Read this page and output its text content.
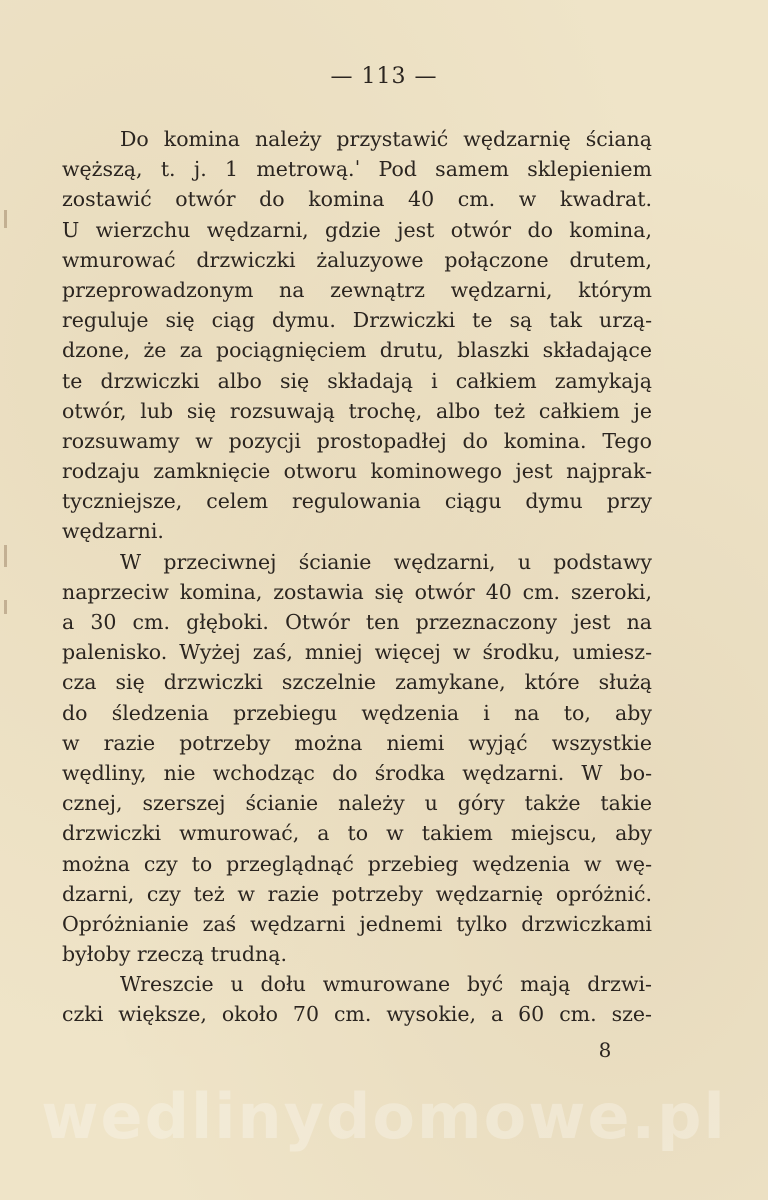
— 113 —
Do komina należy przystawić wędzarnię ścianą
węższą, t. j. 1 metrową.ˈ Pod samem sklepieniem
zostawić otwór do komina 40 cm. w kwadrat.
U wierzchu wędzarni, gdzie jest otwór do komina,
wmurować drzwiczki żaluzyowe połączone drutem,
przeprowadzonym na zewnątrz wędzarni, którym
reguluje się ciąg dymu. Drzwiczki te są tak urzą-
dzone, że za pociągnięciem drutu, blaszki składające
te drzwiczki albo się składają i całkiem zamykają
otwór, lub się rozsuwają trochę, albo też całkiem je
rozsuwamy w pozycji prostopadłej do komina. Tego
rodzaju zamknięcie otworu kominowego jest najprak-
tyczniejsze, celem regulowania ciągu dymu przy
wędzarni.
W przeciwnej ścianie wędzarni, u podstawy
naprzeciw komina, zostawia się otwór 40 cm. szeroki,
a 30 cm. głęboki. Otwór ten przeznaczony jest na
palenisko. Wyżej zaś, mniej więcej w środku, umiesz-
cza się drzwiczki szczelnie zamykane, które służą
do śledzenia przebiegu wędzenia i na to, aby
w razie potrzeby można niemi wyjąć wszystkie
wędliny, nie wchodząc do środka wędzarni. W bo-
cznej, szerszej ścianie należy u góry także takie
drzwiczki wmurować, a to w takiem miejscu, aby
można czy to przeglądnąć przebieg wędzenia w wę-
dzarni, czy też w razie potrzeby wędzarnię opróżnić.
Opróżnianie zaś wędzarni jednemi tylko drzwiczkami
byłoby rzeczą trudną.
Wreszcie u dołu wmurowane być mają drzwi-
czki większe, około 70 cm. wysokie, a 60 cm. sze-
8
wedlinydomowe.pl
